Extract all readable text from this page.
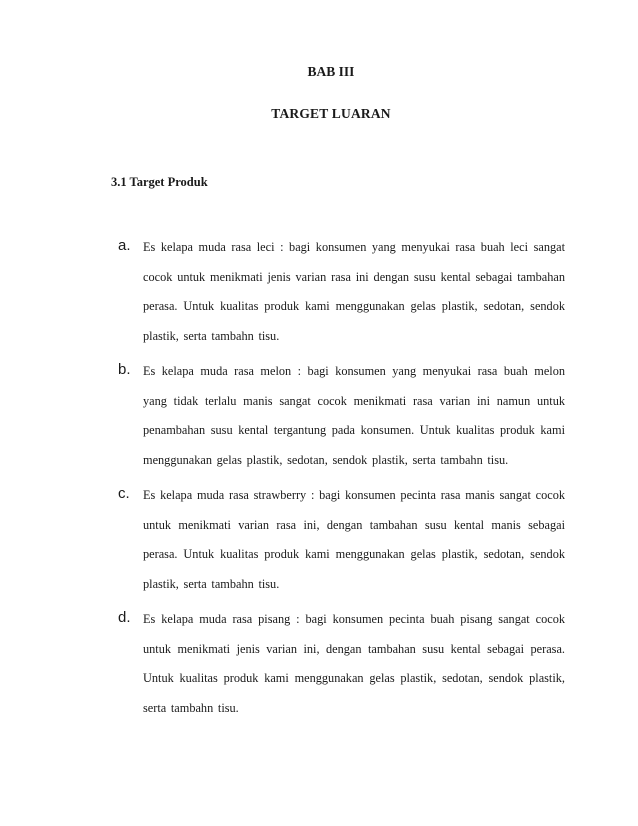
BAB III
TARGET LUARAN
3.1 Target Produk
a. Es kelapa muda rasa leci : bagi konsumen yang menyukai rasa buah leci sangat cocok untuk menikmati jenis varian rasa ini dengan susu kental sebagai tambahan perasa. Untuk kualitas produk kami menggunakan gelas plastik, sedotan, sendok plastik, serta tambahn tisu.
b. Es kelapa muda rasa melon : bagi konsumen yang menyukai rasa buah melon yang tidak terlalu manis sangat cocok menikmati rasa varian ini namun untuk penambahan susu kental tergantung pada konsumen. Untuk kualitas produk kami menggunakan gelas plastik, sedotan, sendok plastik, serta tambahn tisu.
c. Es kelapa muda rasa strawberry : bagi konsumen pecinta rasa manis sangat cocok untuk menikmati varian rasa ini, dengan tambahan susu kental manis sebagai perasa. Untuk kualitas produk kami menggunakan gelas plastik, sedotan, sendok plastik, serta tambahn tisu.
d. Es kelapa muda rasa pisang : bagi konsumen pecinta buah pisang sangat cocok untuk menikmati jenis varian ini, dengan tambahan susu kental sebagai perasa. Untuk kualitas produk kami menggunakan gelas plastik, sedotan, sendok plastik, serta tambahn tisu.
